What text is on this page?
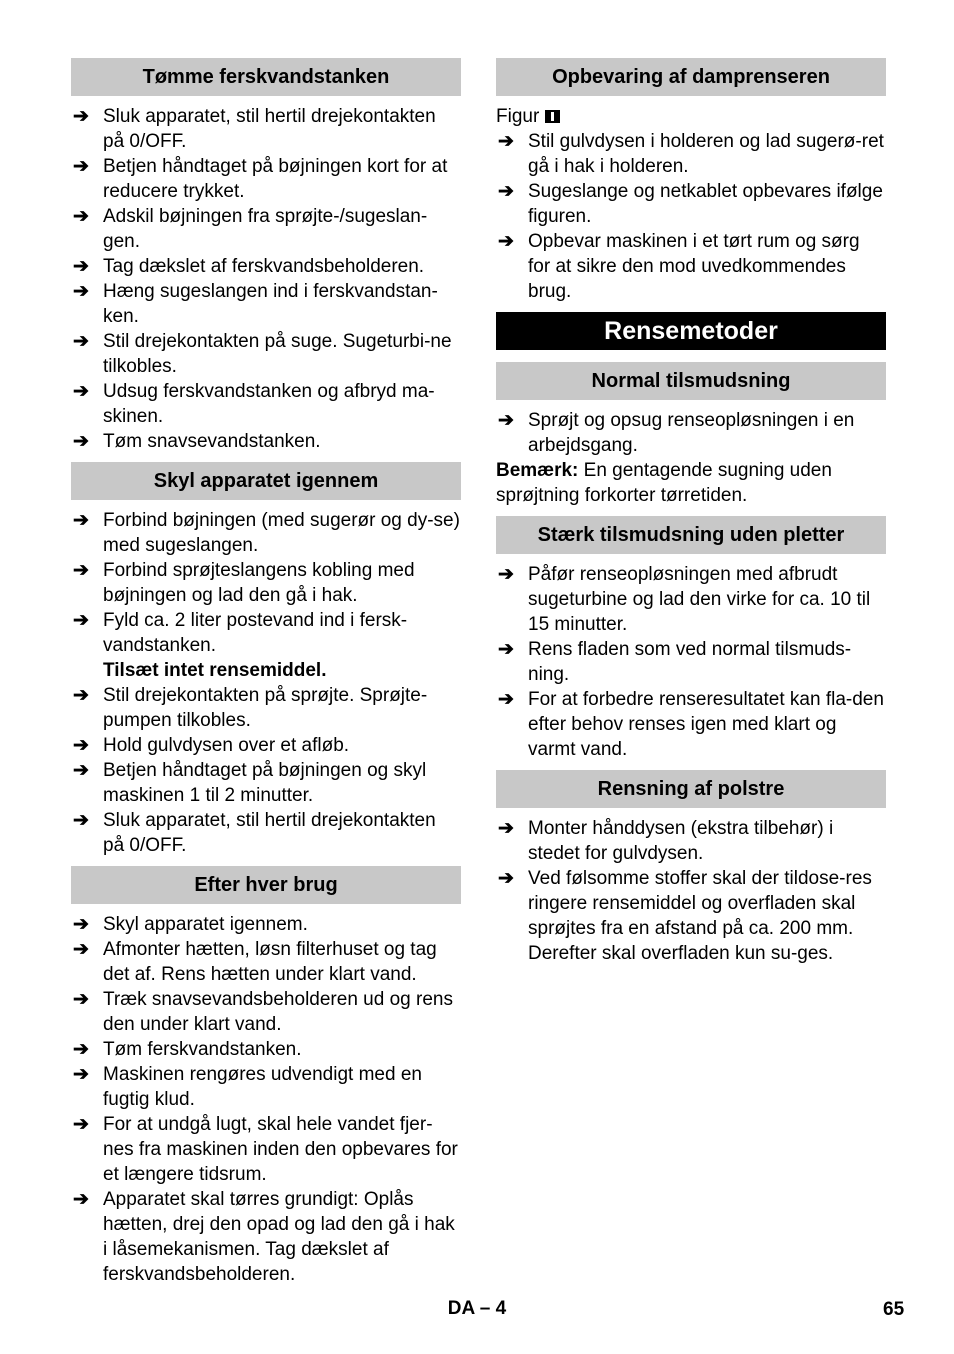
Tømme ferskvandstanken
➔ Sluk apparatet, stil hertil drejekontakten på 0/OFF.
➔ Betjen håndtaget på bøjningen kort for at reducere trykket.
➔ Adskil bøjningen fra sprøjte-/sugeslan-gen.
➔ Tag dækslet af ferskvandsbeholderen.
➔ Hæng sugeslangen ind i ferskvandstan-ken.
➔ Stil drejekontakten på suge. Sugeturbi-ne tilkobles.
➔ Udsug ferskvandstanken og afbryd ma-skinen.
➔ Tøm snavsevandstanken.
Skyl apparatet igennem
➔ Forbind bøjningen (med sugerør og dy-se) med sugeslangen.
➔ Forbind sprøjteslangens kobling med bøjningen og lad den gå i hak.
➔ Fyld ca. 2 liter postevand ind i fersk-vandstanken.
Tilsæt intet rensemiddel.
➔ Stil drejekontakten på sprøjte. Sprøjte-pumpen tilkobles.
➔ Hold gulvdysen over et afløb.
➔ Betjen håndtaget på bøjningen og skyl maskinen 1 til 2 minutter.
➔ Sluk apparatet, stil hertil drejekontakten på 0/OFF.
Efter hver brug
➔ Skyl apparatet igennem.
➔ Afmonter hætten, løsn filterhuset og tag det af. Rens hætten under klart vand.
➔ Træk snavsevandsbeholderen ud og rens den under klart vand.
➔ Tøm ferskvandstanken.
➔ Maskinen rengøres udvendigt med en fugtig klud.
➔ For at undgå lugt, skal hele vandet fjer-nes fra maskinen inden den opbevares for et længere tidsrum.
➔ Apparatet skal tørres grundigt: Oplås hætten, drej den opad og lad den gå i hak i låsemekanismen. Tag dækslet af ferskvandsbeholderen.
Opbevaring af damprenseren
Figur
➔ Stil gulvdysen i holderen og lad sugerø-ret gå i hak i holderen.
➔ Sugeslange og netkablet opbevares ifølge figuren.
➔ Opbevar maskinen i et tørt rum og sørg for at sikre den mod uvedkommendes brug.
Rensemetoder
Normal tilsmudsning
➔ Sprøjt og opsug renseopløsningen i en arbejdsgang.
Bemærk: En gentagende sugning uden sprøjtning forkorter tørretiden.
Stærk tilsmudsning uden pletter
➔ Påfør renseopløsningen med afbrudt sugeturbine og lad den virke for ca. 10 til 15 minutter.
➔ Rens fladen som ved normal tilsmuds-ning.
➔ For at forbedre renseresultatet kan fla-den efter behov renses igen med klart og varmt vand.
Rensning af polstre
➔ Monter hånddysen (ekstra tilbehør) i stedet for gulvdysen.
➔ Ved følsomme stoffer skal der tildose-res ringere rensemiddel og overfladen skal sprøjtes fra en afstand på ca. 200 mm. Derefter skal overfladen kun su-ges.
DA – 4	65
